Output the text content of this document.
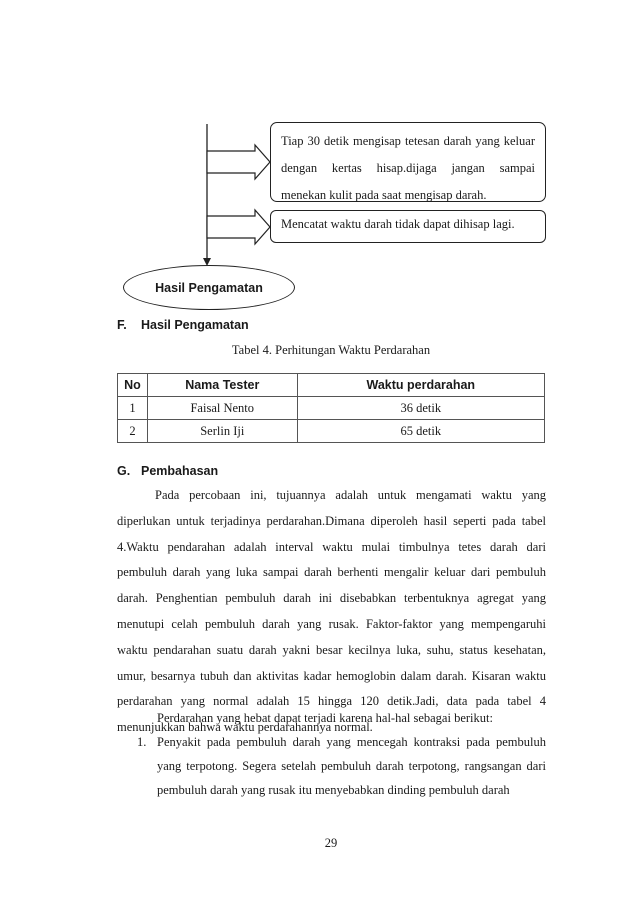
Tiap 30 detik mengisap tetesan darah yang keluar dengan kertas hisap.dijaga jangan sampai menekan kulit pada saat mengisap darah.
Mencatat waktu darah tidak dapat dihisap lagi.
Hasil Pengamatan
F. Hasil Pengamatan
Tabel 4. Perhitungan Waktu Perdarahan
No	Nama Tester	Waktu perdarahan
1	Faisal Nento	36 detik
2	Serlin Iji	65 detik
G. Pembahasan

Pada percobaan ini, tujuannya adalah untuk mengamati waktu yang diperlukan untuk terjadinya perdarahan.Dimana diperoleh hasil seperti pada tabel 4.Waktu pendarahan adalah interval waktu mulai timbulnya tetes darah dari pembuluh darah yang luka sampai darah berhenti mengalir keluar dari pembuluh darah. Penghentian pembuluh darah ini disebabkan terbentuknya agregat yang menutupi celah pembuluh darah yang rusak. Faktor-faktor yang mempengaruhi waktu pendarahan suatu darah yakni besar kecilnya luka, suhu, status kesehatan, umur, besarnya tubuh dan aktivitas kadar hemoglobin dalam darah. Kisaran waktu perdarahan yang normal adalah 15 hingga 120 detik.Jadi, data pada tabel 4 menunjukkan bahwa waktu perdarahannya normal.

Perdarahan yang hebat dapat terjadi karena hal-hal sebagai berikut:

1. Penyakit pada pembuluh darah yang mencegah kontraksi pada pembuluh yang terpotong. Segera setelah pembuluh darah terpotong, rangsangan dari pembuluh darah yang rusak itu menyebabkan dinding pembuluh darah
29
